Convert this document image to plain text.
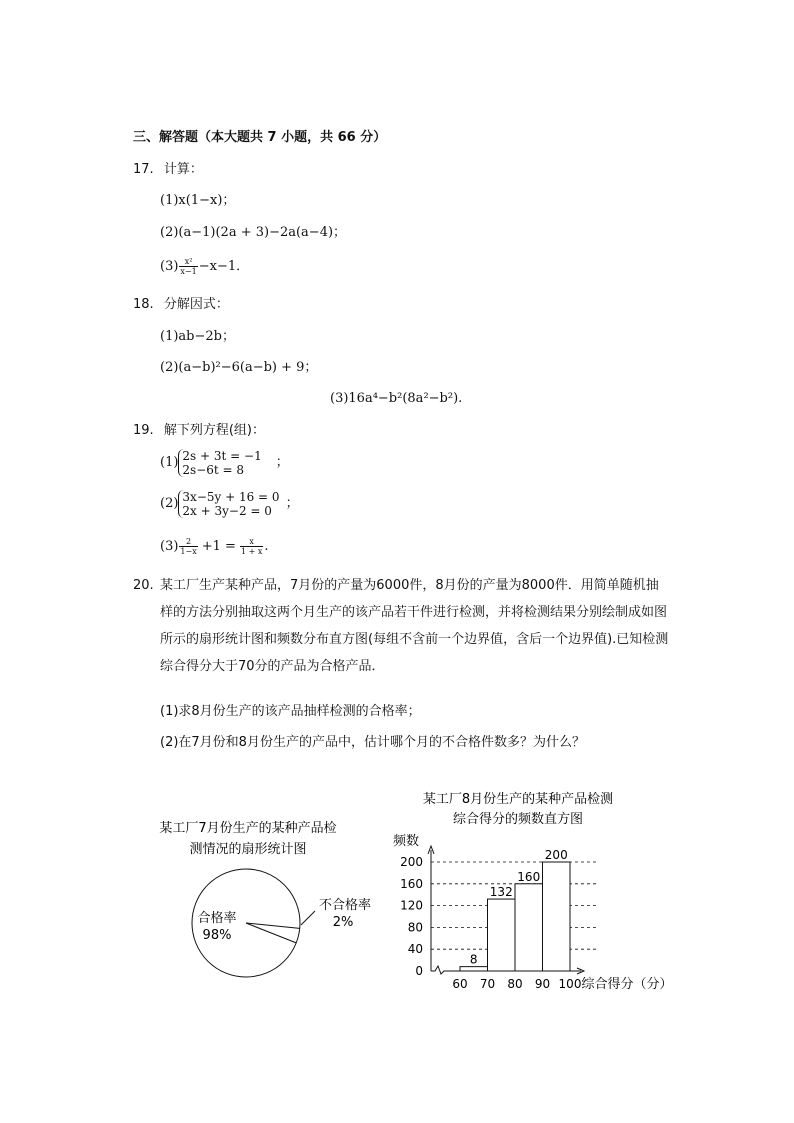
三、解答题（本大题共 7 小题，共 66 分）
17. 计算：
(1)x(1−x)；
(2)(a−1)(2a + 3)−2a(a−4)；
$(3) \frac{\text{x²}}{x-1} -x-1$．
18. 分解因式：
(1)ab−2b；
(2)(a−b)²−6(a−b) + 9；
(3)16a⁴−b²(8a²−b²).
19. 解下列方程(组)：
(1) 2s + 3t = −1
2s−6t = 8	；
(2) 3x−5y + 16 = 0
2x + 3y−2 = 0	；
$(3) \frac{2}{1-x} +1 = \frac{x}{1 + x}$ .
20. 某工厂生产某种产品，7月份的产量为6000件，8月份的产量为8000件．用简单随机抽样的方法分别抽取这两个月生产的该产品若干件进行检测，并将检测结果分别绘制成如图所示的扇形统计图和频数分布直方图(每组不含前一个边界值，含后一个边界值).已知检测综合得分大于70分的产品为合格产品．
(1)求8月份生产的该产品抽样检测的合格率；
(2)在7月份和8月份生产的产品中，估计哪个月的不合格件数多？为什么？
某工厂7月份生产的某种产品检
测情况的扇形统计图
合格率
98%
不合格率
2%
某工厂8月份生产的某种产品检测
综合得分的频数直方图
频数
综合得分（分）
0
40
80
120
160
200
8
132
160
200
60 70 80 90 100
